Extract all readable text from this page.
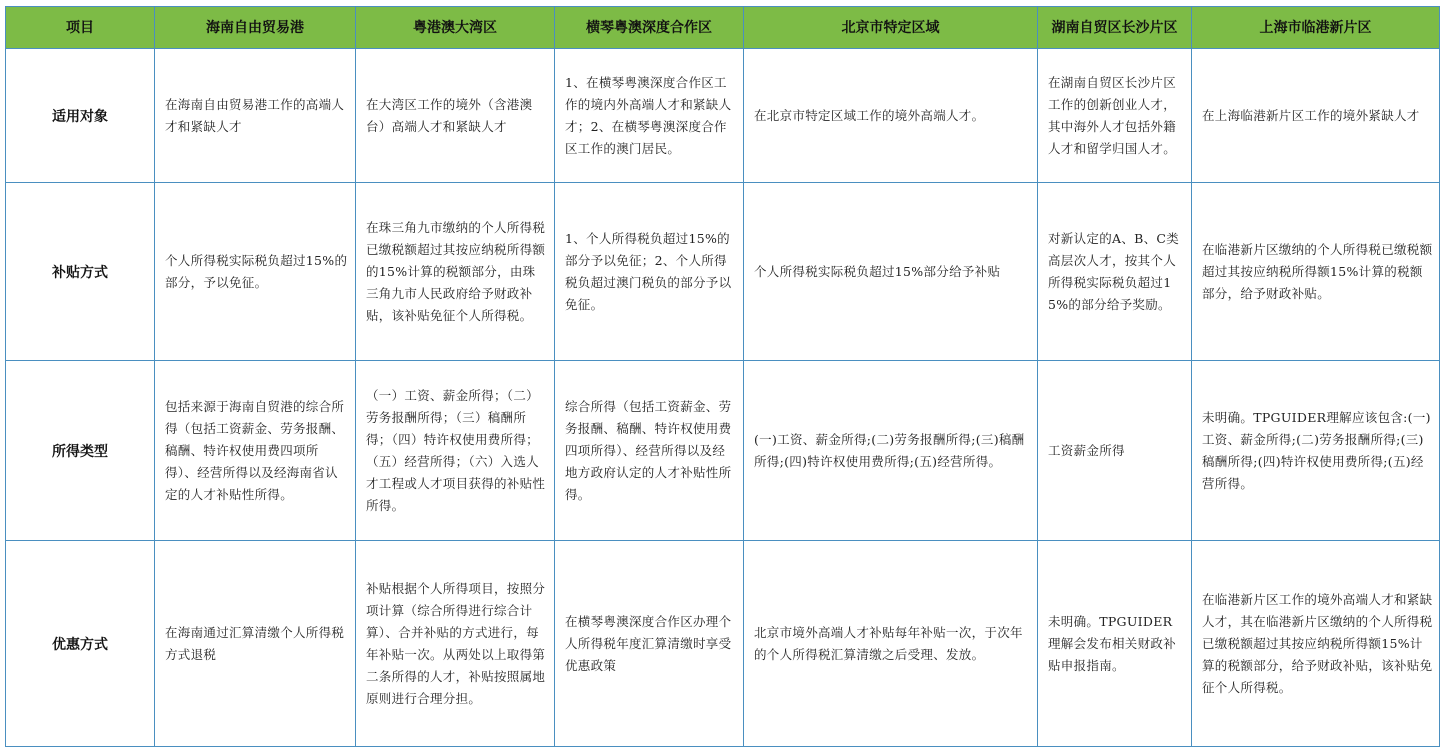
项目	海南自由贸易港	粤港澳大湾区	横琴粤澳深度合作区	北京市特定区域	湖南自贸区长沙片区	上海市临港新片区
适用对象	在海南自由贸易港工作的高端人才和紧缺人才	在大湾区工作的境外（含港澳台）高端人才和紧缺人才	1、在横琴粤澳深度合作区工作的境内外高端人才和紧缺人才；2、在横琴粤澳深度合作区工作的澳门居民。	在北京市特定区域工作的境外高端人才。	在湖南自贸区长沙片区工作的创新创业人才，其中海外人才包括外籍人才和留学归国人才。	在上海临港新片区工作的境外紧缺人才
补贴方式	个人所得税实际税负超过15%的部分，予以免征。	在珠三角九市缴纳的个人所得税已缴税额超过其按应纳税所得额的15%计算的税额部分，由珠三角九市人民政府给予财政补贴，该补贴免征个人所得税。	1、个人所得税负超过15%的部分予以免征；2、个人所得税负超过澳门税负的部分予以免征。	个人所得税实际税负超过15%部分给予补贴	对新认定的A、B、C类高层次人才，按其个人所得税实际税负超过15%的部分给予奖励。	在临港新片区缴纳的个人所得税已缴税额超过其按应纳税所得额15%计算的税额部分，给予财政补贴。
所得类型	包括来源于海南自贸港的综合所得（包括工资薪金、劳务报酬、稿酬、特许权使用费四项所得）、经营所得以及经海南省认定的人才补贴性所得。	（一）工资、薪金所得；（二）劳务报酬所得；（三）稿酬所得；（四）特许权使用费所得；（五）经营所得；（六）入选人才工程或人才项目获得的补贴性所得。	综合所得（包括工资薪金、劳务报酬、稿酬、特许权使用费四项所得）、经营所得以及经地方政府认定的人才补贴性所得。	(一)工资、薪金所得;(二)劳务报酬所得;(三)稿酬所得;(四)特许权使用费所得;(五)经营所得。	工资薪金所得	未明确。TPGUIDER理解应该包含:(一)工资、薪金所得;(二)劳务报酬所得;(三)稿酬所得;(四)特许权使用费所得;(五)经营所得。
优惠方式	在海南通过汇算清缴个人所得税方式退税	补贴根据个人所得项目，按照分项计算（综合所得进行综合计算）、合并补贴的方式进行，每年补贴一次。从两处以上取得第二条所得的人才，补贴按照属地原则进行合理分担。	在横琴粤澳深度合作区办理个人所得税年度汇算清缴时享受优惠政策	北京市境外高端人才补贴每年补贴一次，于次年的个人所得税汇算清缴之后受理、发放。	未明确。TPGUIDER理解会发布相关财政补贴申报指南。	在临港新片区工作的境外高端人才和紧缺人才，其在临港新片区缴纳的个人所得税已缴税额超过其按应纳税所得额15%计算的税额部分，给予财政补贴，该补贴免征个人所得税。
